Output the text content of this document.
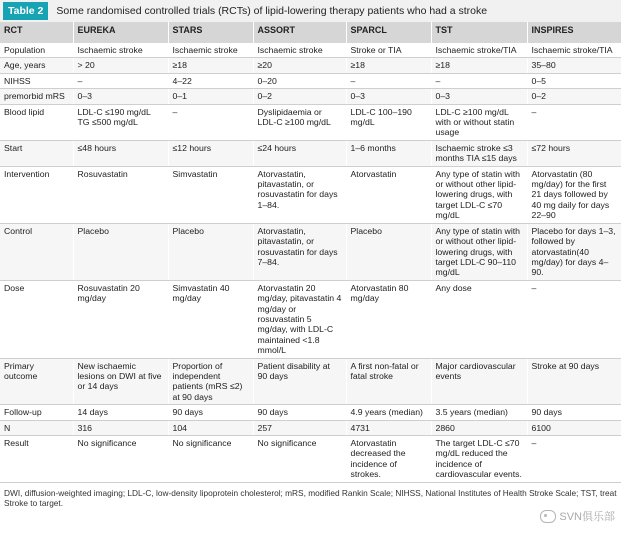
Table 2	Some randomised controlled trials (RCTs) of lipid-lowering therapy patients who had a stroke
RCT	EUREKA	STARS	ASSORT	SPARCL	TST	INSPIRES
Population	Ischaemic stroke	Ischaemic stroke	Ischaemic stroke	Stroke or TIA	Ischaemic stroke/TIA	Ischaemic stroke/TIA
Age, years	> 20	≥18	≥20	≥18	≥18	35–80
NIHSS	–	4–22	0–20	–	–	0–5
premorbid mRS	0–3	0–1	0–2	0–3	0–3	0–2
Blood lipid	LDL-C ≤190 mg/dL TG ≤500 mg/dL	–	Dyslipidaemia or LDL-C ≥100 mg/dL	LDL-C 100–190 mg/dL	LDL-C ≥100 mg/dL with or without statin usage	–
Start	≤48 hours	≤12 hours	≤24 hours	1–6 months	Ischaemic stroke ≤3 months TIA ≤15 days	≤72 hours
Intervention	Rosuvastatin	Simvastatin	Atorvastatin, pitavastatin, or rosuvastatin for days 1–84.	Atorvastatin	Any type of statin with or without other lipid-lowering drugs, with target LDL-C ≤70 mg/dL	Atorvastatin (80 mg/day) for the first 21 days followed by 40 mg daily for days 22–90
Control	Placebo	Placebo	Atorvastatin, pitavastatin, or rosuvastatin for days 7–84.	Placebo	Any type of statin with or without other lipid-lowering drugs, with target LDL-C 90–110 mg/dL	Placebo for days 1–3, followed by atorvastatin(40 mg/day) for days 4–90.
Dose	Rosuvastatin 20 mg/day	Simvastatin 40 mg/day	Atorvastatin 20 mg/day, pitavastatin 4 mg/day or rosuvastatin 5 mg/day, with LDL-C maintained <1.8 mmol/L	Atorvastatin 80 mg/day	Any dose	–
Primary outcome	New ischaemic lesions on DWI at five or 14 days	Proportion of independent patients (mRS ≤2) at 90 days	Patient disability at 90 days	A first non-fatal or fatal stroke	Major cardiovascular events	Stroke at 90 days
Follow-up	14 days	90 days	90 days	4.9 years (median)	3.5 years (median)	90 days
N	316	104	257	4731	2860	6100
Result	No significance	No significance	No significance	Atorvastatin decreased the incidence of strokes.	The target LDL-C ≤70 mg/dL reduced the incidence of cardiovascular events.	–
DWI, diffusion-weighted imaging; LDL-C, low-density lipoprotein cholesterol; mRS, modified Rankin Scale; NIHSS, National Institutes of Health Stroke Scale; TST, treat Stroke to target.
SVN俱乐部
